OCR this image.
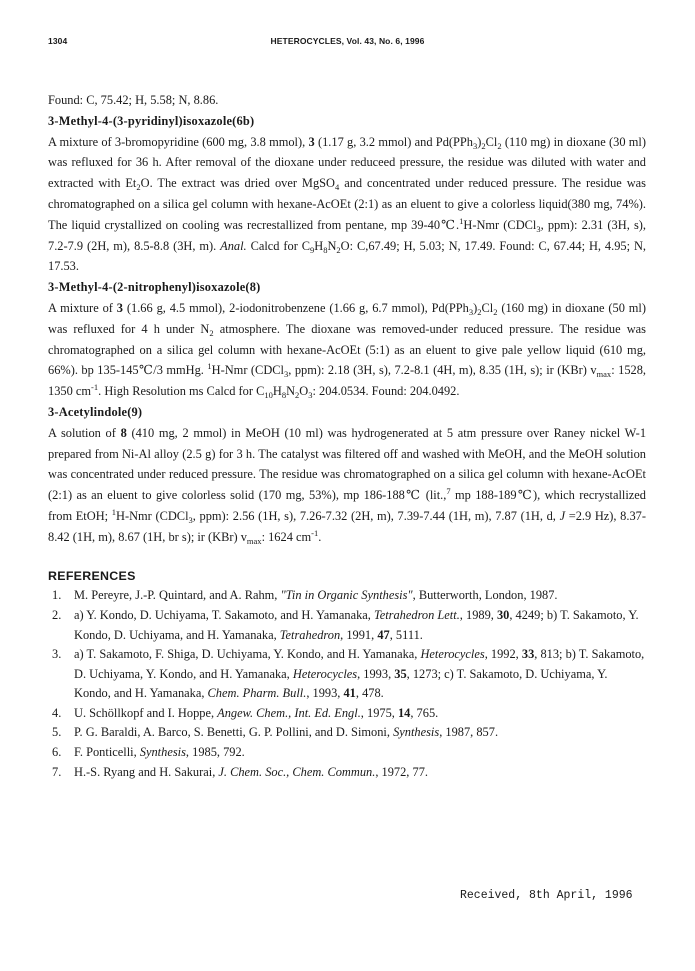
1304	HETEROCYCLES, Vol. 43, No. 6, 1996

Found: C, 75.42; H, 5.58; N, 8.86.

3-Methyl-4-(3-pyridinyl)isoxazole(6b)

A mixture of 3-bromopyridine (600 mg, 3.8 mmol), 3 (1.17 g, 3.2 mmol) and $Pd(PPh_3)_2Cl_2$ (110 mg) in dioxane (30 ml) was refluxed for 36 h. After removal of the dioxane under reduceed pressure, the residue was diluted with water and extracted with $Et_2O$. The extract was dried over MgSO$_4$ and concentrated under reduced pressure. The residue was chromatographed on a silica gel column with hexane-AcOEt (2:1) as an eluent to give a colorless liquid(380 mg, 74%). The liquid crystallized on cooling was recrestallized from pentane, mp 39-40℃.$^1$H-Nmr (CDCl$_3$, ppm): 2.31 (3H, s), 7.2-7.9 (2H, m), 8.5-8.8 (3H, m). Anal. Calcd for $C_9H_8N_2O$: C,67.49; H, 5.03; N, 17.49. Found: C, 67.44; H, 4.95; N, 17.53.

3-Methyl-4-(2-nitrophenyl)isoxazole(8)

A mixture of 3 (1.66 g, 4.5 mmol), 2-iodonitrobenzene (1.66 g, 6.7 mmol), $Pd(PPh_3)_2Cl_2$ (160 mg) in dioxane (50 ml) was refluxed for 4 h under $N_2$ atmosphere. The dioxane was removed-under reduced pressure. The residue was chromatographed on a silica gel column with hexane-AcOEt (5:1) as an eluent to give pale yellow liquid (610 mg, 66%). bp 135-145℃/3 mmHg. $^1$H-Nmr (CDCl$_3$, ppm): 2.18 (3H, s), 7.2-8.1 (4H, m), 8.35 (1H, s); ir (KBr) $v_{max}$: 1528, 1350 $cm^{-1}$. High Resolution ms Calcd for $C_{10}H_8N_2O_3$: 204.0534. Found: 204.0492.

3-Acetylindole(9)

A solution of 8 (410 mg, 2 mmol) in MeOH (10 ml) was hydrogenerated at 5 atm pressure over Raney nickel W-1 prepared from Ni-Al alloy (2.5 g) for 3 h. The catalyst was filtered off and washed with MeOH, and the MeOH solution was concentrated under reduced pressure. The residue was chromatographed on a silica gel column with hexane-AcOEt (2:1) as an eluent to give colorless solid (170 mg, 53%), mp 186-188℃ (lit.,$^7$ mp 188-189℃), which recrystallized from EtOH; $^1$H-Nmr (CDCl$_3$, ppm): 2.56 (1H, s), 7.26-7.32 (2H, m), 7.39-7.44 (1H, m), 7.87 (1H, d, J =2.9 Hz), 8.37-8.42 (1H, m), 8.67 (1H, br s); ir (KBr) $v_{max}$: 1624 $cm^{-1}$.

REFERENCES

1. M. Pereyre, J.-P. Quintard, and A. Rahm, "Tin in Organic Synthesis", Butterworth, London, 1987.

2. a) Y. Kondo, D. Uchiyama, T. Sakamoto, and H. Yamanaka, Tetrahedron Lett., 1989, 30, 4249; b) T. Sakamoto, Y. Kondo, D. Uchiyama, and H. Yamanaka, Tetrahedron, 1991, 47, 5111.

3. a) T. Sakamoto, F. Shiga, D. Uchiyama, Y. Kondo, and H. Yamanaka, Heterocycles, 1992, 33, 813; b) T. Sakamoto, D. Uchiyama, Y. Kondo, and H. Yamanaka, Heterocycles, 1993, 35, 1273; c) T. Sakamoto, D. Uchiyama, Y. Kondo, and H. Yamanaka, Chem. Pharm. Bull., 1993, 41, 478.

4. U. Schöllkopf and I. Hoppe, Angew. Chem., Int. Ed. Engl., 1975, 14, 765.

5. P. G. Baraldi, A. Barco, S. Benetti, G. P. Pollini, and D. Simoni, Synthesis, 1987, 857.

6. F. Ponticelli, Synthesis, 1985, 792.

7. H.-S. Ryang and H. Sakurai, J. Chem. Soc., Chem. Commun., 1972, 77.

Received, 8th April, 1996
